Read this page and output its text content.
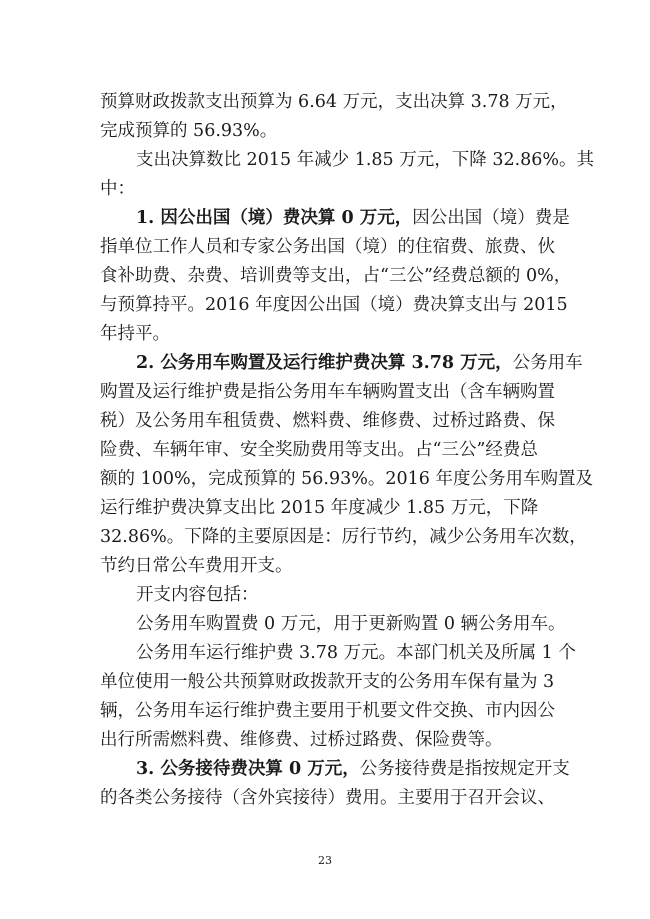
预算财政拨款支出预算为 6.64 万元，支出决算 3.78 万元，
完成预算的 56.93%。
支出决算数比 2015 年减少 1.85 万元，下降 32.86%。其
中：
1. 因公出国（境）费决算 0 万元， 因公出国（境）费是
指单位工作人员和专家公务出国（境）的住宿费、旅费、伙
食补助费、杂费、培训费等支出，占“三公”经费总额的 0%，
与预算持平。2016 年度因公出国（境）费决算支出与 2015
年持平。
2. 公务用车购置及运行维护费决算 3.78 万元， 公务用车
购置及运行维护费是指公务用车车辆购置支出（含车辆购置
税）及公务用车租赁费、燃料费、维修费、过桥过路费、保
险费、车辆年审、安全奖励费用等支出。占“三公”经费总
额的 100%，完成预算的 56.93%。2016 年度公务用车购置及
运行维护费决算支出比 2015 年度减少 1.85 万元，下降
32.86%。下降的主要原因是：厉行节约，减少公务用车次数，
节约日常公车费用开支。
开支内容包括：
公务用车购置费 0 万元，用于更新购置 0 辆公务用车。
公务用车运行维护费 3.78 万元。本部门机关及所属 1 个
单位使用一般公共预算财政拨款开支的公务用车保有量为 3
辆，公务用车运行维护费主要用于机要文件交换、市内因公
出行所需燃料费、维修费、过桥过路费、保险费等。
3. 公务接待费决算 0 万元， 公务接待费是指按规定开支
的各类公务接待（含外宾接待）费用。主要用于召开会议、
23
